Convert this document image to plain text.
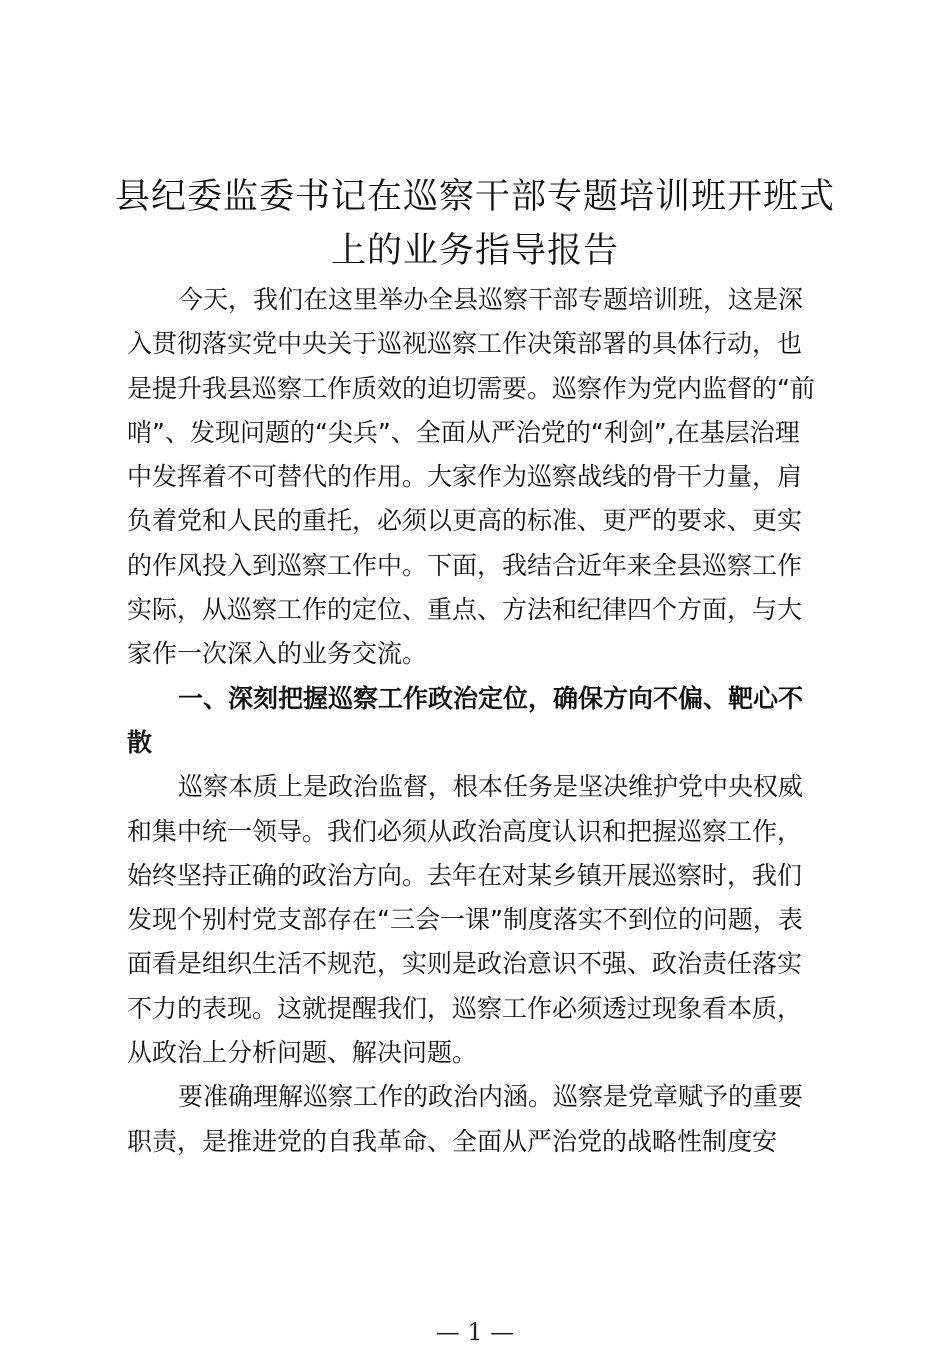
县纪委监委书记在巡察干部专题培训班开班式
上的业务指导报告

今天，我们在这里举办全县巡察干部专题培训班，这是深
入贯彻落实党中央关于巡视巡察工作决策部署的具体行动，也
是提升我县巡察工作质效的迫切需要。巡察作为党内监督的“前
哨”、发现问题的“尖兵”、全面从严治党的“利剑”,在基层治理
中发挥着不可替代的作用。大家作为巡察战线的骨干力量，肩
负着党和人民的重托，必须以更高的标准、更严的要求、更实
的作风投入到巡察工作中。下面，我结合近年来全县巡察工作
实际，从巡察工作的定位、重点、方法和纪律四个方面，与大
家作一次深入的业务交流。

一、深刻把握巡察工作政治定位，确保方向不偏、靶心不
散

巡察本质上是政治监督，根本任务是坚决维护党中央权威
和集中统一领导。我们必须从政治高度认识和把握巡察工作，
始终坚持正确的政治方向。去年在对某乡镇开展巡察时，我们
发现个别村党支部存在“三会一课”制度落实不到位的问题，表
面看是组织生活不规范，实则是政治意识不强、政治责任落实
不力的表现。这就提醒我们，巡察工作必须透过现象看本质，
从政治上分析问题、解决问题。

要准确理解巡察工作的政治内涵。巡察是党章赋予的重要
职责，是推进党的自我革命、全面从严治党的战略性制度安

— 1 —
